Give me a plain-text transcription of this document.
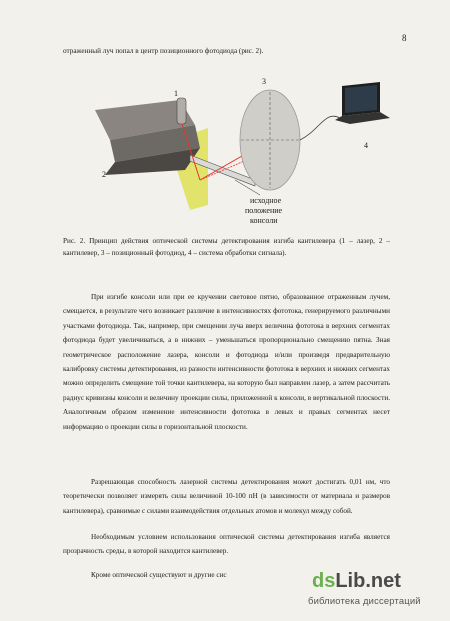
8
отраженный луч попал в центр позиционного фотодиода (рис. 2).
1
2
3
4
исходное
положение
консоли

Рис. 2. Принцип действия оптической системы детектирования изгиба кантилевера (1 – лазер, 2 – кантилевер, 3 – позиционный фотодиод, 4 – система обработки сигнала).

При изгибе консоли или при ее кручении световое пятно, образованное отраженным лучем, смещается, в результате чего возникает различие в интенсивностях фототока, генерируемого различными участками фотодиода. Так, например, при смещении луча вверх величина фототока в верхних сегментах фотодиода будет увеличиваться, а в нижних – уменьшаться пропорционально смещению пятна. Зная геометрическое расположение лазера, консоли и фотодиода и/или произведя предварительную калибровку системы детектирования, из разности интенсивности фототока в верхних и нижних сегментах можно определить смещение той точки кантилевера, на которую был направлен лазер, а затем рассчитать радиус кривизны консоли и величину проекции силы, приложенной к консоли, в вертикальной плоскости. Аналогичным образом изменение интенсивности фототока в левых и правых сегментах несет информацию о проекции силы в горизонтальной плоскости.

Разрешающая способность лазерной системы детектирования может достигать 0,01 нм, что теоретически позволяет измерять силы величиной 10-100 пН (в зависимости от материала и размеров кантилевера), сравнимые с силами взаимодействия отдельных атомов и молекул между собой.

Необходимым условием использования оптической системы детектирования изгиба является прозрачность среды, в которой находится кантилевер.

Кроме оптической существуют и другие сис	dsLib.net
библиотека диссертаций
